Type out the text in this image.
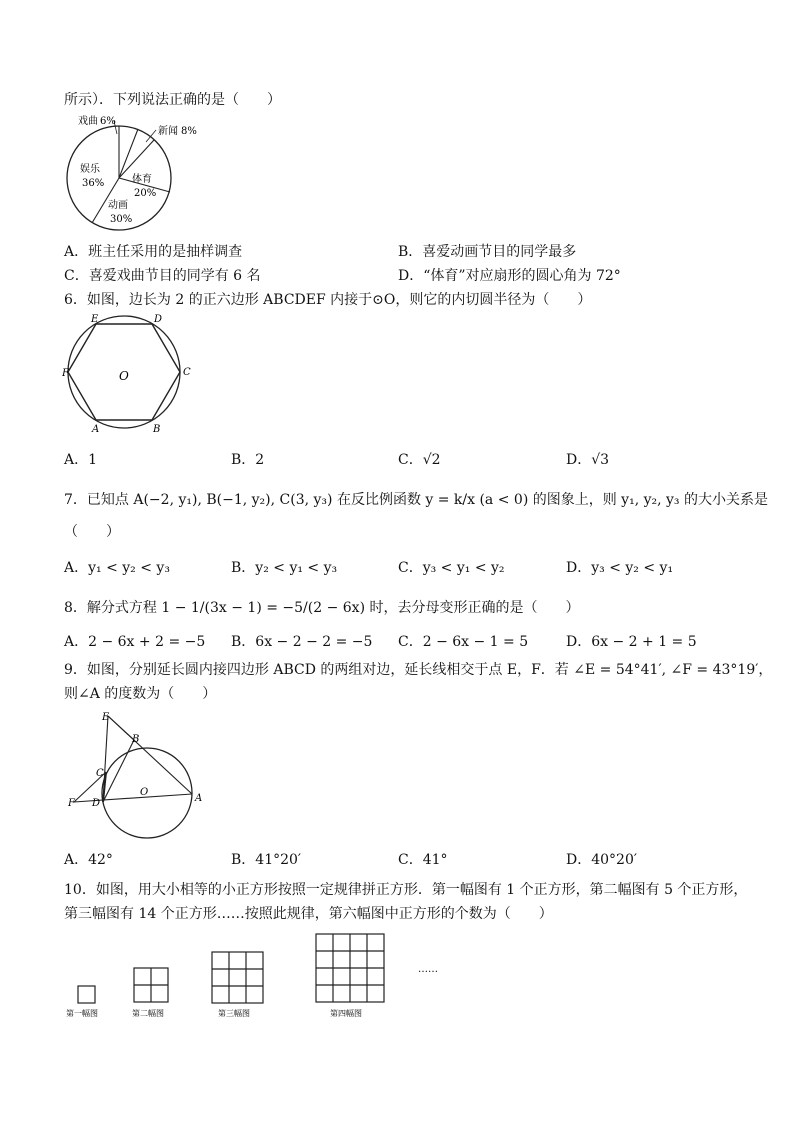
所示）．下列说法正确的是（　　）
戏曲 6%
新闻 8%
体育
20%
动画
30%
娱乐
36%
A．班主任采用的是抽样调查	B．喜爱动画节目的同学最多
C．喜爱戏曲节目的同学有 6 名	D．“体育”对应扇形的圆心角为 72°
6．如图，边长为 2 的正六边形 ABCDEF 内接于⊙O，则它的内切圆半径为（　　）
A	B
C
D
E
F	O
A．1	B．2	C．√2	D．√3
7．已知点 A(−2, y₁), B(−1, y₂), C(3, y₃) 在反比例函数 y = k/x (a < 0) 的图象上，则 y₁, y₂, y₃ 的大小关系是
（　　）
A．y₁ < y₂ < y₃	B．y₂ < y₁ < y₃	C．y₃ < y₁ < y₂	D．y₃ < y₂ < y₁
8．解分式方程 1 − 1/(3x − 1) = −5/(2 − 6x) 时，去分母变形正确的是（　　）
A．2 − 6x + 2 = −5 B．6x − 2 − 2 = −5 C．2 − 6x − 1 = 5	D．6x − 2 + 1 = 5
9．如图，分别延长圆内接四边形 ABCD 的两组对边，延长线相交于点 E，F．若 ∠E = 54°41′, ∠F = 43°19′，
则∠A 的度数为（　　）
E
B
C
D
F	A
O
A．42°	B．41°20′	C．41°	D．40°20′
10．如图，用大小相等的小正方形按照一定规律拼正方形．第一幅图有 1 个正方形，第二幅图有 5 个正方形，
第三幅图有 14 个正方形……按照此规律，第六幅图中正方形的个数为（　　）
……
第一幅图	第二幅图	第三幅图	第四幅图
